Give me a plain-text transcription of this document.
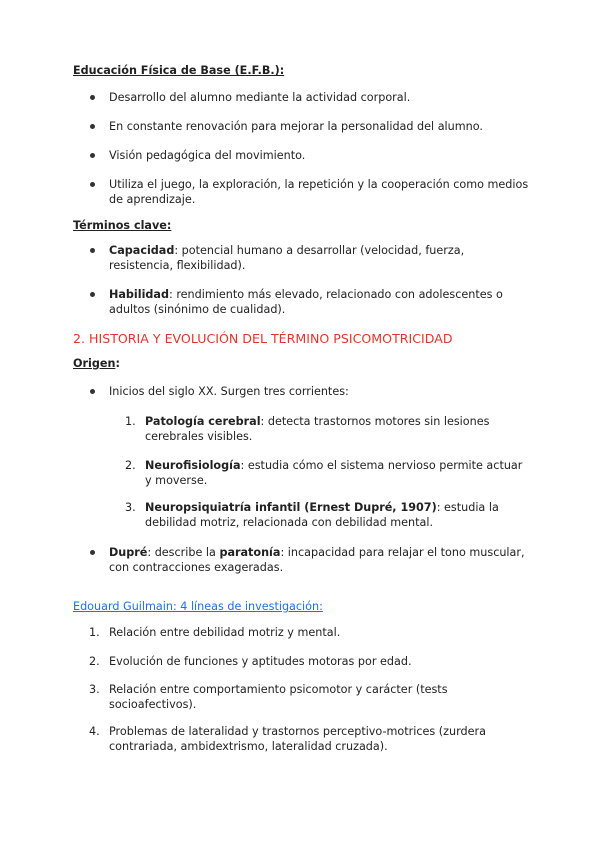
Educación Física de Base (E.F.B.):
Desarrollo del alumno mediante la actividad corporal.
En constante renovación para mejorar la personalidad del alumno.
Visión pedagógica del movimiento.
Utiliza el juego, la exploración, la repetición y la cooperación como medios de aprendizaje.
Términos clave:
Capacidad: potencial humano a desarrollar (velocidad, fuerza, resistencia, flexibilidad).
Habilidad: rendimiento más elevado, relacionado con adolescentes o adultos (sinónimo de cualidad).
2. HISTORIA Y EVOLUCIÓN DEL TÉRMINO PSICOMOTRICIDAD
Origen:
Inicios del siglo XX. Surgen tres corrientes:
1. Patología cerebral: detecta trastornos motores sin lesiones cerebrales visibles.
2. Neurofisiología: estudia cómo el sistema nervioso permite actuar y moverse.
3. Neuropsiquiatría infantil (Ernest Dupré, 1907): estudia la debilidad motriz, relacionada con debilidad mental.
Dupré: describe la paratonía: incapacidad para relajar el tono muscular, con contracciones exageradas.
Edouard Guilmain: 4 líneas de investigación:
1. Relación entre debilidad motriz y mental.
2. Evolución de funciones y aptitudes motoras por edad.
3. Relación entre comportamiento psicomotor y carácter (tests socioafectivos).
4. Problemas de lateralidad y trastornos perceptivo-motrices (zurdera contrariada, ambidextrismo, lateralidad cruzada).
